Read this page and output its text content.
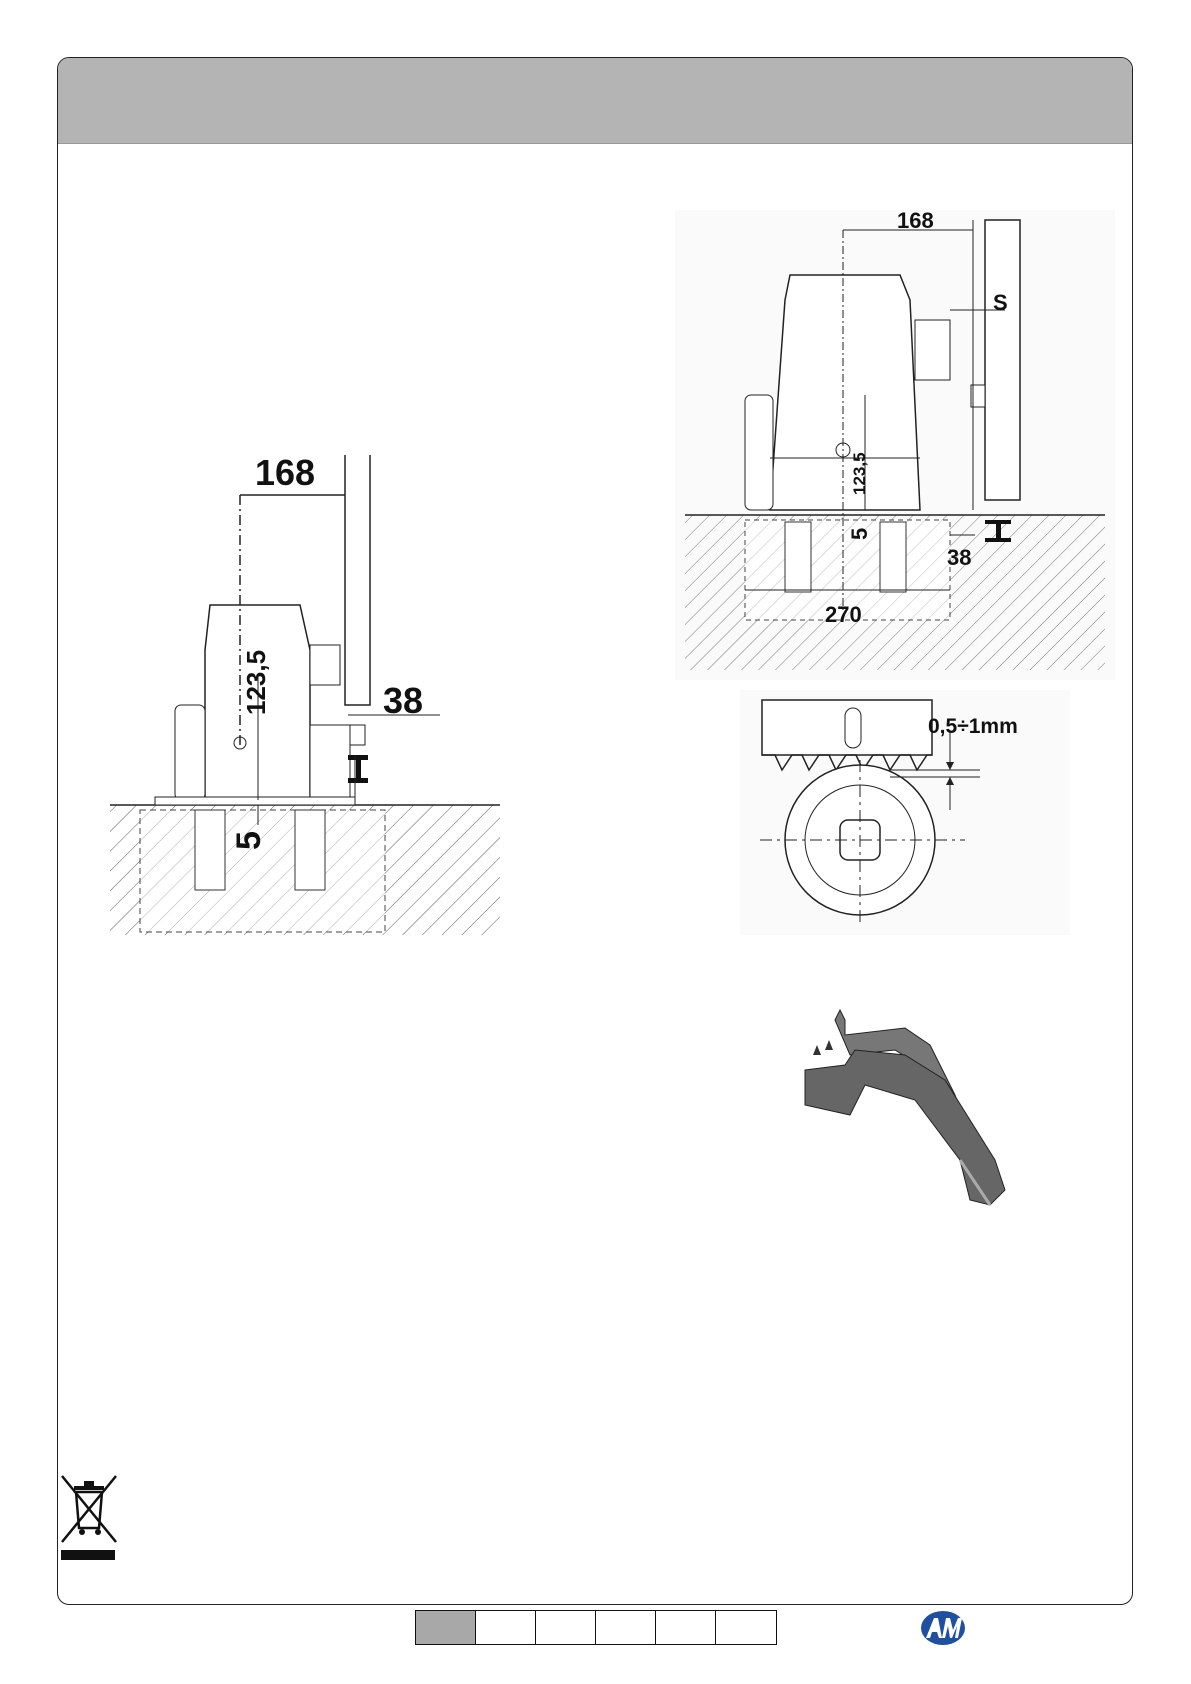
168
123,5
5
38
168
S
123,5
5
38
270
0,5÷1mm
